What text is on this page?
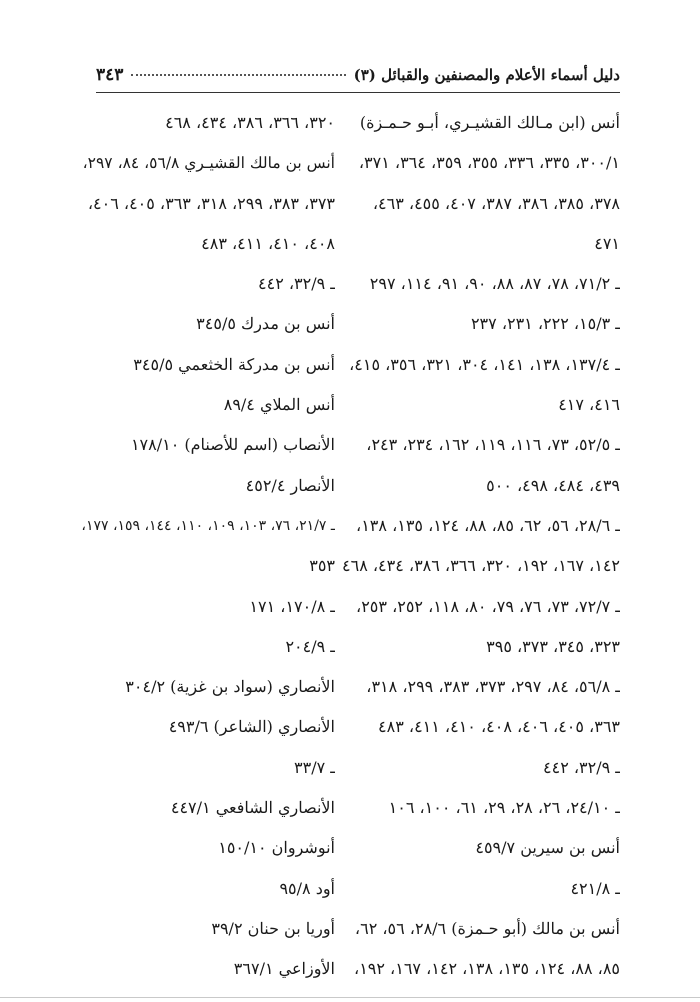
دليل أسماء الأعلام والمصنفين والقبائل (٣)
٣٤٣
أنس (ابن مـالك القشيـري، أبـو حـمـزة)
٣٠٠/١، ٣٣٥، ٣٣٦، ٣٥٥، ٣٥٩، ٣٦٤، ٣٧١،
٣٧٨، ٣٨٥، ٣٨٦، ٣٨٧، ٤٠٧، ٤٥٥، ٤٦٣،
٤٧١
ـ ٧١/٢، ٧٨، ٨٧، ٨٨، ٩٠، ٩١، ١١٤، ٢٩٧
ـ ١٥/٣، ٢٢٢، ٢٣١، ٢٣٧
ـ ١٣٧/٤، ١٣٨، ١٤١، ٣٠٤، ٣٢١، ٣٥٦، ٤١٥،
٤١٦، ٤١٧
ـ ٥٢/٥، ٧٣، ١١٦، ١١٩، ١٦٢، ٢٣٤، ٢٤٣،
٤٣٩، ٤٨٤، ٤٩٨، ٥٠٠
ـ ٢٨/٦، ٥٦، ٦٢، ٨٥، ٨٨، ١٢٤، ١٣٥، ١٣٨،
١٤٢، ١٦٧، ١٩٢، ٣٢٠، ٣٦٦، ٣٨٦، ٤٣٤، ٤٦٨
ـ ٧٢/٧، ٧٣، ٧٦، ٧٩، ٨٠، ١١٨، ٢٥٢، ٢٥٣،
٣٢٣، ٣٤٥، ٣٧٣، ٣٩٥
ـ ٥٦/٨، ٨٤، ٢٩٧، ٣٧٣، ٣٨٣، ٢٩٩، ٣١٨،
٣٦٣، ٤٠٥، ٤٠٦، ٤٠٨، ٤١٠، ٤١١، ٤٨٣
ـ ٣٢/٩، ٤٤٢
ـ ٢٤/١٠، ٢٦، ٢٨، ٢٩، ٦١، ١٠٠، ١٠٦
أنس بن سيرين ٤٥٩/٧
ـ ٤٢١/٨
أنس بن مالك (أبو حـمزة) ٢٨/٦، ٥٦، ٦٢،
٨٥، ٨٨، ١٢٤، ١٣٥، ١٣٨، ١٤٢، ١٦٧، ١٩٢،
٣٢٠، ٣٦٦، ٣٨٦، ٤٣٤، ٤٦٨
أنس بن مالك القشيـري ٥٦/٨، ٨٤، ٢٩٧،
٣٧٣، ٣٨٣، ٢٩٩، ٣١٨، ٣٦٣، ٤٠٥، ٤٠٦،
٤٠٨، ٤١٠، ٤١١، ٤٨٣
ـ ٣٢/٩، ٤٤٢
أنس بن مدرك ٣٤٥/٥
أنس بن مدركة الخثعمي ٣٤٥/٥
أنس الملاي ٨٩/٤
الأنصاب (اسم للأصنام) ١٧٨/١٠
الأنصار ٤٥٢/٤
ـ ٢١/٧، ٧٦، ١٠٣، ١٠٩، ١١٠، ١٤٤، ١٥٩، ١٧٧،
٣٥٣
ـ ١٧٠/٨، ١٧١
ـ ٢٠٤/٩
الأنصاري (سواد بن غزية) ٣٠٤/٢
الأنصاري (الشاعر) ٤٩٣/٦
ـ ٣٣/٧
الأنصاري الشافعي ٤٤٧/١
أنوشروان ١٥٠/١٠
أود ٩٥/٨
أوريا بن حنان ٣٩/٢
الأوزاعي ٣٦٧/١
